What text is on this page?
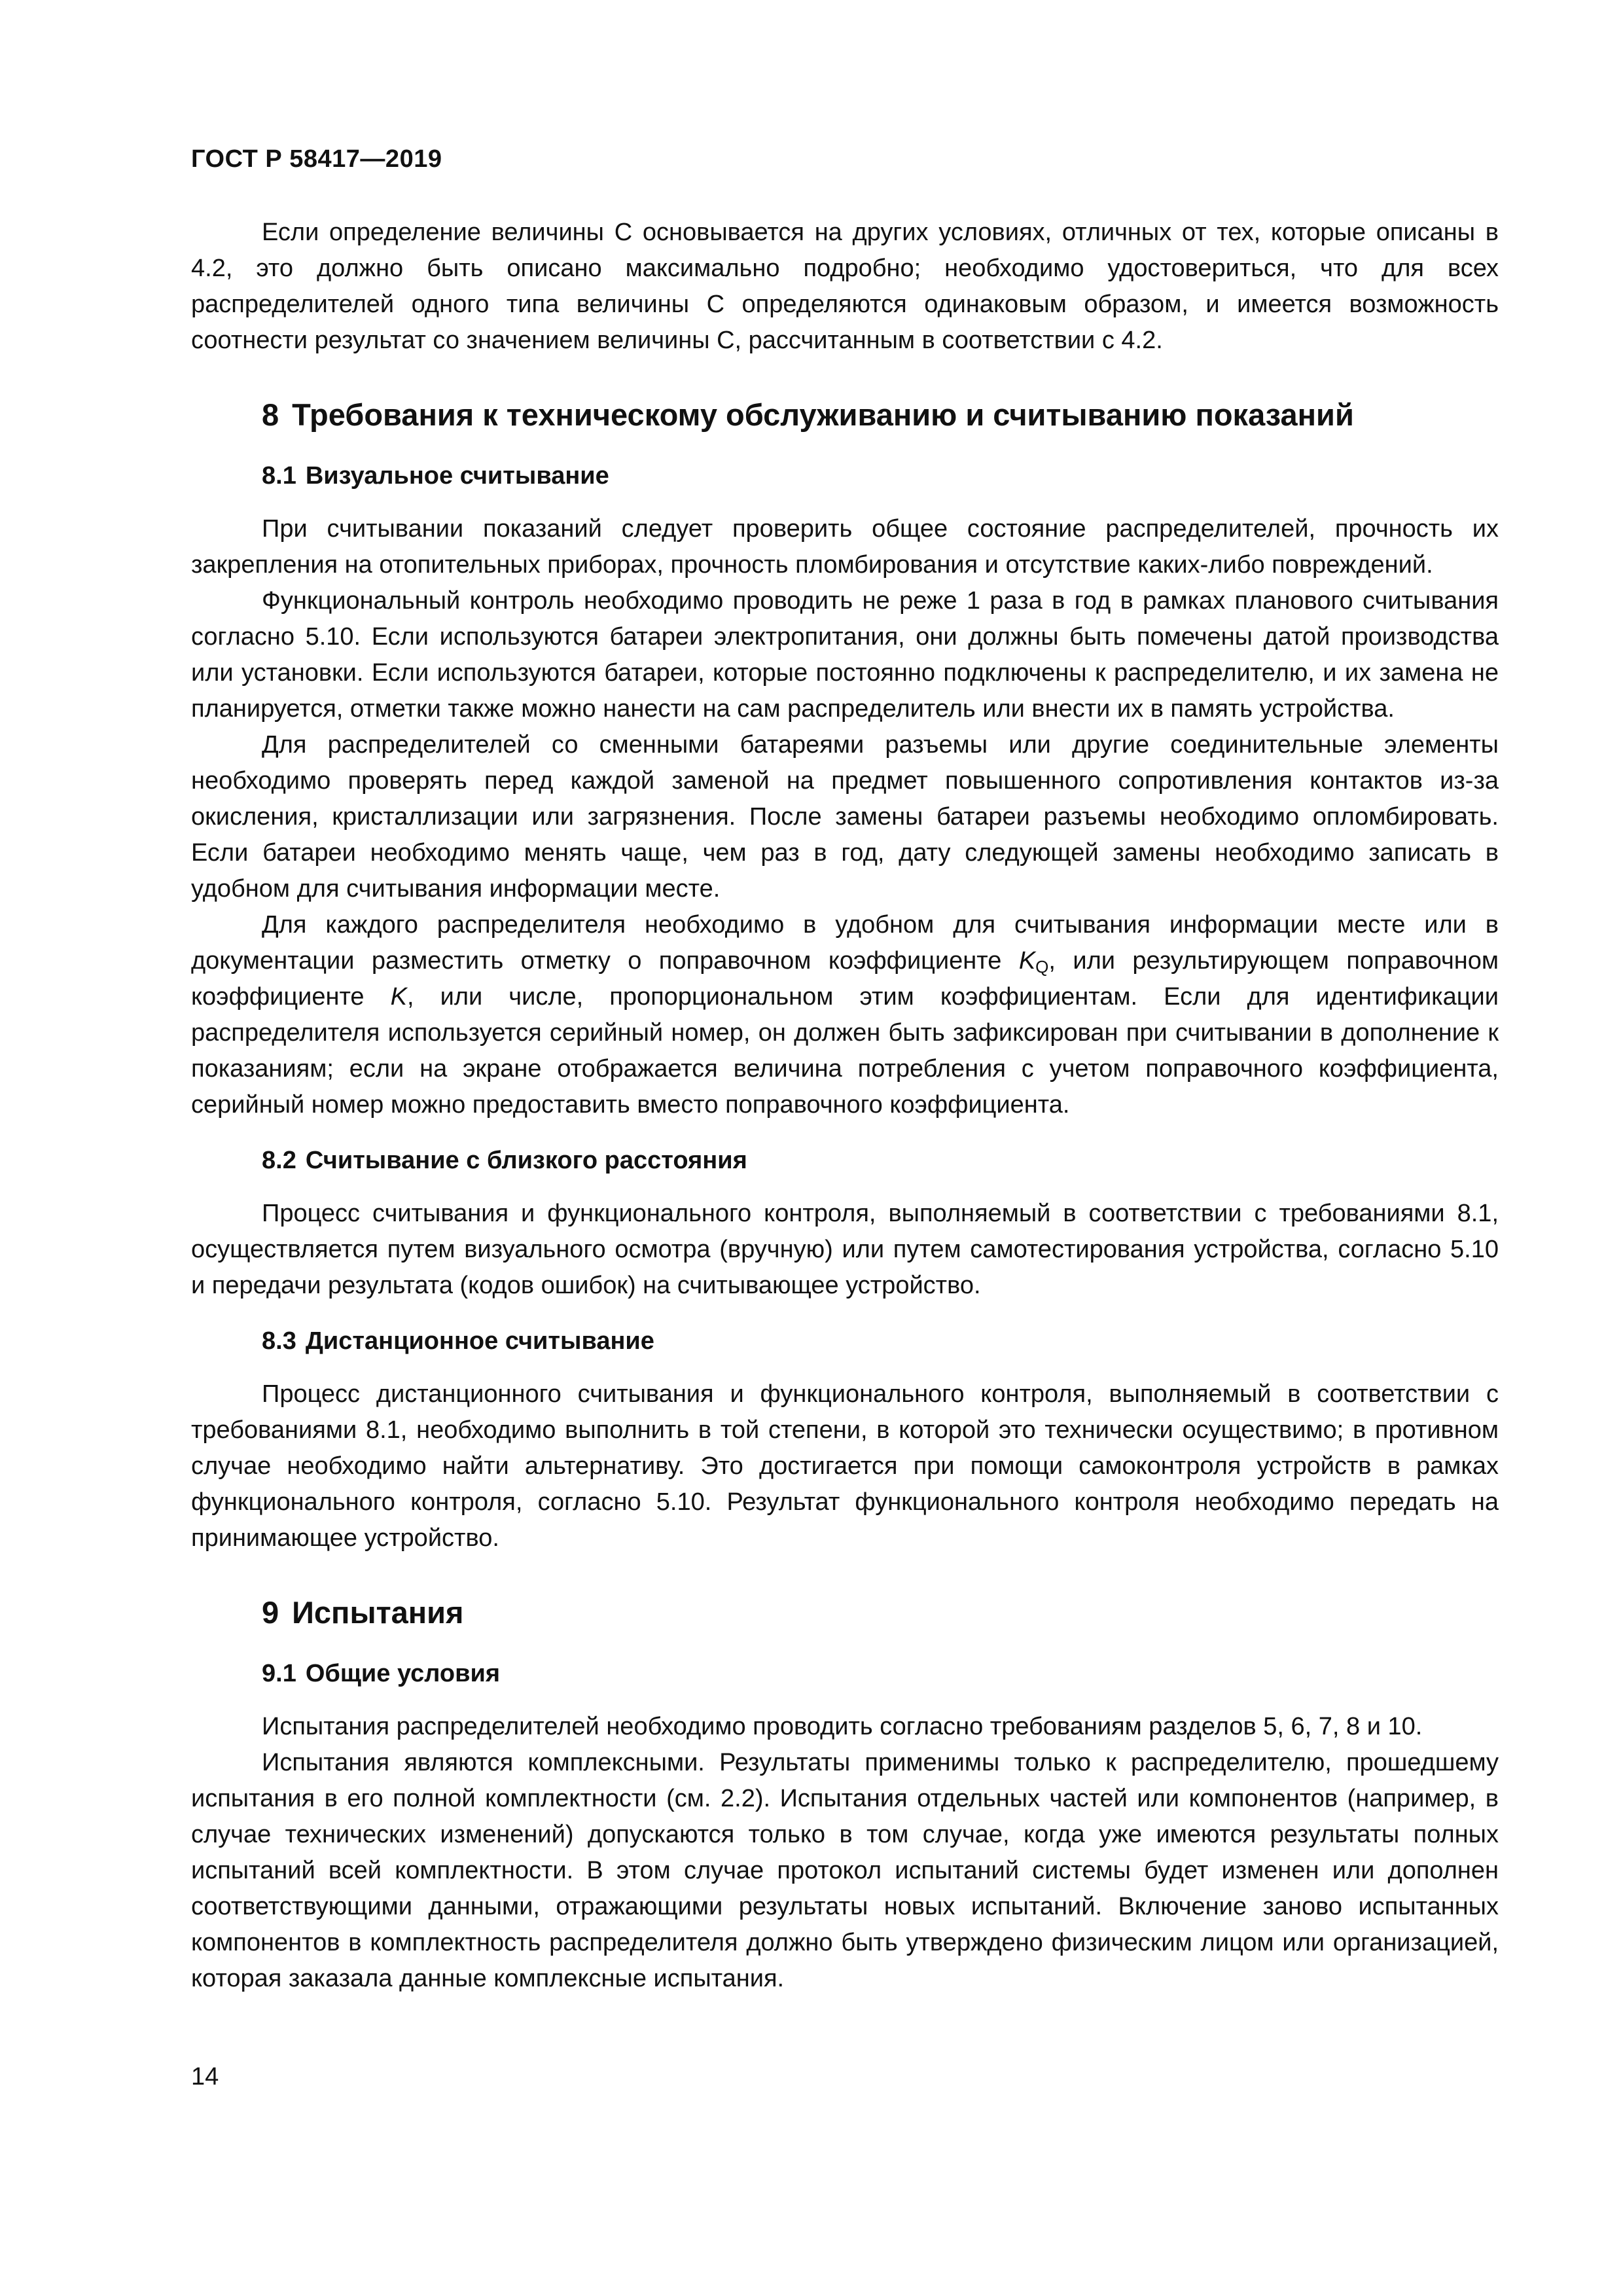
ГОСТ Р 58417—2019

Если определение величины С основывается на других условиях, отличных от тех, которые описаны в 4.2, это должно быть описано максимально подробно; необходимо удостовериться, что для всех распределителей одного типа величины С определяются одинаковым образом, и имеется возможность соотнести результат со значением величины С, рассчитанным в соответствии с 4.2.

8 Требования к техническому обслуживанию и считыванию показаний
8.1 Визуальное считывание

При считывании показаний следует проверить общее состояние распределителей, прочность их закрепления на отопительных приборах, прочность пломбирования и отсутствие каких-либо повреждений.

Функциональный контроль необходимо проводить не реже 1 раза в год в рамках планового считывания согласно 5.10. Если используются батареи электропитания, они должны быть помечены датой производства или установки. Если используются батареи, которые постоянно подключены к распределителю, и их замена не планируется, отметки также можно нанести на сам распределитель или внести их в память устройства.

Для распределителей со сменными батареями разъемы или другие соединительные элементы необходимо проверять перед каждой заменой на предмет повышенного сопротивления контактов из-за окисления, кристаллизации или загрязнения. После замены батареи разъемы необходимо опломбировать. Если батареи необходимо менять чаще, чем раз в год, дату следующей замены необходимо записать в удобном для считывания информации месте.

Для каждого распределителя необходимо в удобном для считывания информации месте или в документации разместить отметку о поправочном коэффициенте $K_Q$, или результирующем поправочном коэффициенте K, или числе, пропорциональном этим коэффициентам. Если для идентификации распределителя используется серийный номер, он должен быть зафиксирован при считывании в дополнение к показаниям; если на экране отображается величина потребления с учетом поправочного коэффициента, серийный номер можно предоставить вместо поправочного коэффициента.

8.2 Считывание с близкого расстояния

Процесс считывания и функционального контроля, выполняемый в соответствии с требованиями 8.1, осуществляется путем визуального осмотра (вручную) или путем самотестирования устройства, согласно 5.10 и передачи результата (кодов ошибок) на считывающее устройство.

8.3 Дистанционное считывание

Процесс дистанционного считывания и функционального контроля, выполняемый в соответствии с требованиями 8.1, необходимо выполнить в той степени, в которой это технически осуществимо; в противном случае необходимо найти альтернативу. Это достигается при помощи самоконтроля устройств в рамках функционального контроля, согласно 5.10. Результат функционального контроля необходимо передать на принимающее устройство.

9 Испытания
9.1 Общие условия

Испытания распределителей необходимо проводить согласно требованиям разделов 5, 6, 7, 8 и 10.

Испытания являются комплексными. Результаты применимы только к распределителю, прошедшему испытания в его полной комплектности (см. 2.2). Испытания отдельных частей или компонентов (например, в случае технических изменений) допускаются только в том случае, когда уже имеются результаты полных испытаний всей комплектности. В этом случае протокол испытаний системы будет изменен или дополнен соответствующими данными, отражающими результаты новых испытаний. Включение заново испытанных компонентов в комплектность распределителя должно быть утверждено физическим лицом или организацией, которая заказала данные комплексные испытания.

14
